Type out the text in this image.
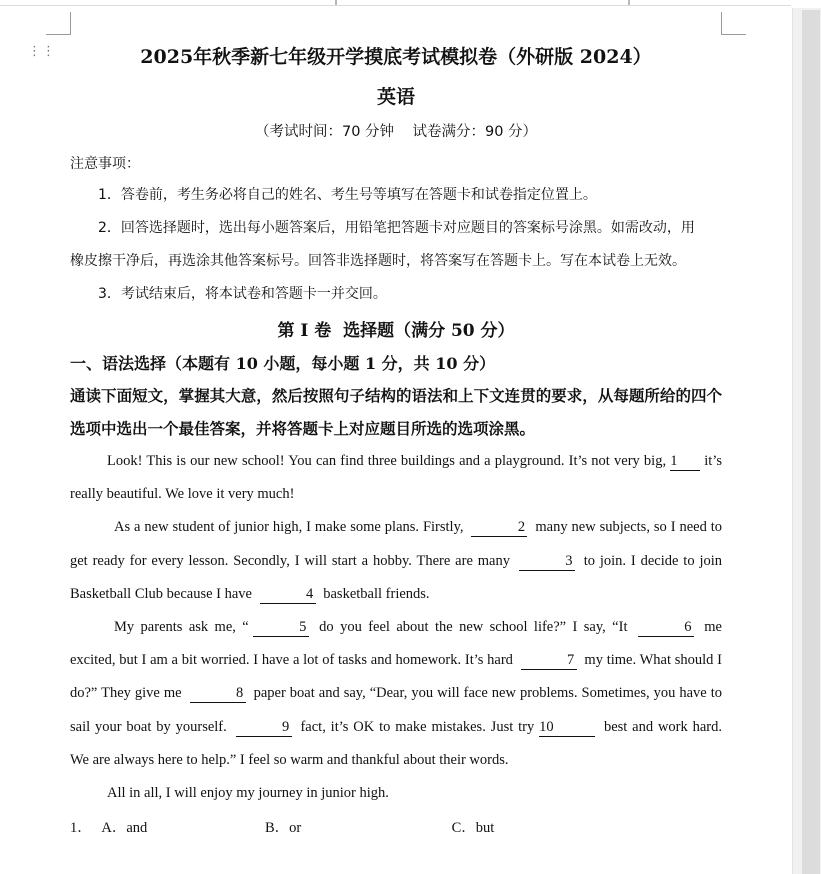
⋮⋮	2025年秋季新七年级开学摸底考试模拟卷（外研版 2024）
英语
（考试时间：70 分钟    试卷满分：90 分）
注意事项：
1．答卷前，考生务必将自己的姓名、考生号等填写在答题卡和试卷指定位置上。
2．回答选择题时，选出每小题答案后，用铅笔把答题卡对应题目的答案标号涂黑。如需改动，用
橡皮擦干净后，再选涂其他答案标号。回答非选择题时，将答案写在答题卡上。写在本试卷上无效。
3．考试结束后，将本试卷和答题卡一并交回。
第 I 卷  选择题（满分 50 分）
一、语法选择（本题有 10 小题，每小题 1 分，共 10 分）
通读下面短文，掌握其大意，然后按照句子结构的语法和上下文连贯的要求，从每题所给的四个选项中选出一个最佳答案，并将答题卡上对应题目所选的选项涂黑。

Look! This is our new school! You can find three buildings and a playground. It’s not very big, 1 it’s really beautiful. We love it very much!

As a new student of junior high, I make some plans. Firstly,	2 many new subjects, so I need to get ready for every lesson. Secondly, I will start a hobby. There are many	3 to join. I decide to join Basketball Club because I have	4 basketball friends.

My parents ask me, “	5 do you feel about the new school life?” I say, “It	6 me excited, but I am a bit worried. I have a lot of tasks and homework. It’s hard	7 my time. What should I do?” They give me	8 paper boat and say, “Dear, you will face new problems. Sometimes, you have to sail your boat by yourself.	9 fact, it’s OK to make mistakes. Just try 10	best and work hard. We are always here to help.” I feel so warm and thankful about their words.

All in all, I will enjoy my journey in junior high.

1． A．and	B．or	C．but
